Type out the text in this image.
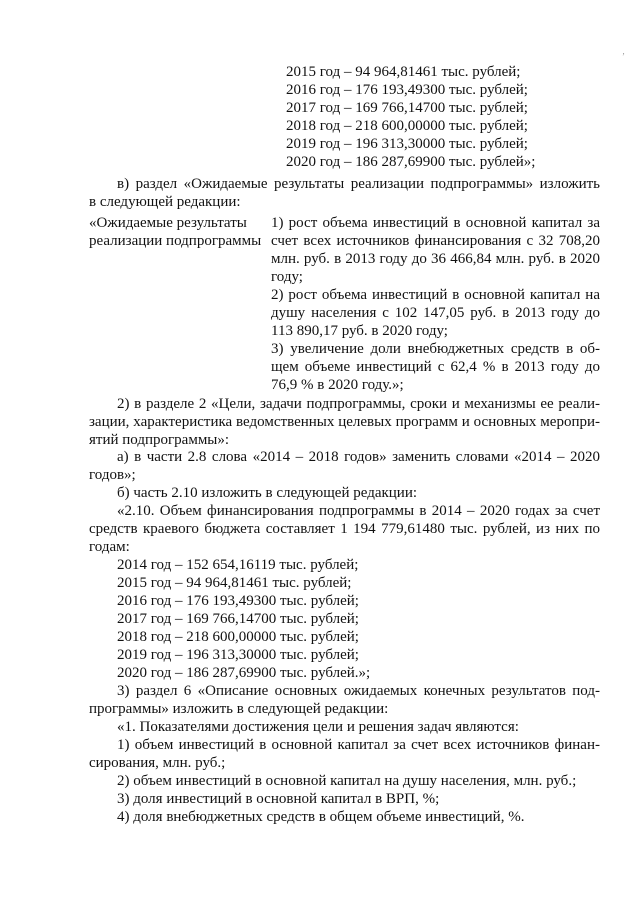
‚
2015 год – 94 964,81461 тыс. рублей;
2016 год – 176 193,49300 тыс. рублей;
2017 год – 169 766,14700 тыс. рублей;
2018 год – 218 600,00000 тыс. рублей;
2019 год – 196 313,30000 тыс. рублей;
2020 год – 186 287,69900 тыс. рублей»;
в) раздел «Ожидаемые результаты реализации подпрограммы» изложить
в следующей редакции:
«Ожидаемые результаты
реализации подпрограммы
1) рост объема инвестиций в основной капитал за
счет всех источников финансирования с 32 708,20
млн. руб. в 2013 году до 36 466,84 млн. руб. в 2020
году;
2) рост объема инвестиций в основной капитал на
душу населения с 102 147,05 руб. в 2013 году до
113 890,17 руб. в 2020 году;
3) увеличение доли внебюджетных средств в об-
щем объеме инвестиций с 62,4 % в 2013 году до
76,9 % в 2020 году.»;
2) в разделе 2 «Цели, задачи подпрограммы, сроки и механизмы ее реали-
зации, характеристика ведомственных целевых программ и основных меропри-
ятий подпрограммы»:
а) в части 2.8 слова «2014 – 2018 годов» заменить словами «2014 – 2020
годов»;
б) часть 2.10 изложить в следующей редакции:
«2.10. Объем финансирования подпрограммы в 2014 – 2020 годах за счет
средств краевого бюджета составляет 1 194 779,61480 тыс. рублей, из них по
годам:
2014 год – 152 654,16119 тыс. рублей;
2015 год – 94 964,81461 тыс. рублей;
2016 год – 176 193,49300 тыс. рублей;
2017 год – 169 766,14700 тыс. рублей;
2018 год – 218 600,00000 тыс. рублей;
2019 год – 196 313,30000 тыс. рублей;
2020 год – 186 287,69900 тыс. рублей.»;
3) раздел 6 «Описание основных ожидаемых конечных результатов под-
программы» изложить в следующей редакции:
«1. Показателями достижения цели и решения задач являются:
1) объем инвестиций в основной капитал за счет всех источников финан-
сирования, млн. руб.;
2) объем инвестиций в основной капитал на душу населения, млн. руб.;
3) доля инвестиций в основной капитал в ВРП, %;
4) доля внебюджетных средств в общем объеме инвестиций, %.
